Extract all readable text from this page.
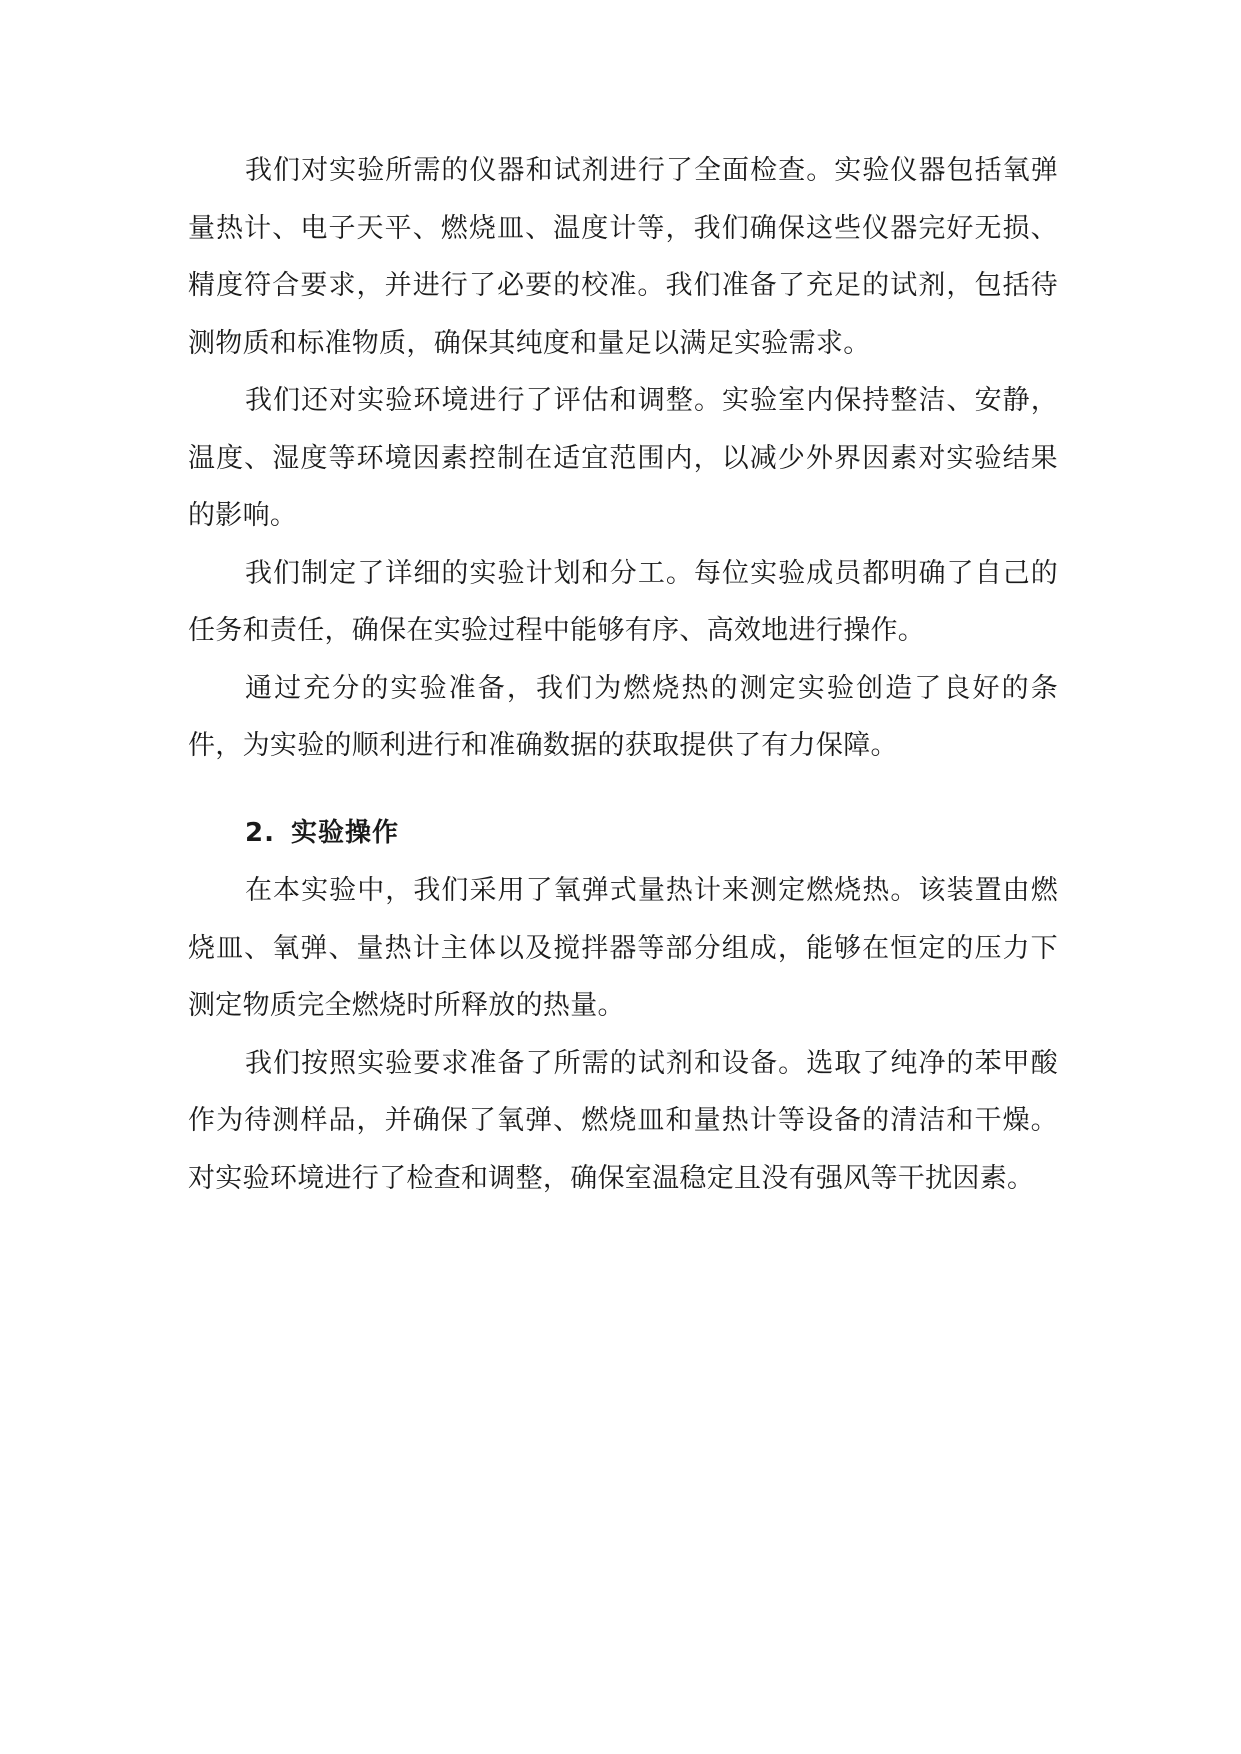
我们对实验所需的仪器和试剂进行了全面检查。实验仪器包括氧弹量热计、电子天平、燃烧皿、温度计等，我们确保这些仪器完好无损、精度符合要求，并进行了必要的校准。我们准备了充足的试剂，包括待测物质和标准物质，确保其纯度和量足以满足实验需求。

我们还对实验环境进行了评估和调整。实验室内保持整洁、安静，温度、湿度等环境因素控制在适宜范围内，以减少外界因素对实验结果的影响。

我们制定了详细的实验计划和分工。每位实验成员都明确了自己的任务和责任，确保在实验过程中能够有序、高效地进行操作。

通过充分的实验准备，我们为燃烧热的测定实验创造了良好的条件，为实验的顺利进行和准确数据的获取提供了有力保障。

2. 实验操作

在本实验中，我们采用了氧弹式量热计来测定燃烧热。该装置由燃烧皿、氧弹、量热计主体以及搅拌器等部分组成，能够在恒定的压力下测定物质完全燃烧时所释放的热量。

我们按照实验要求准备了所需的试剂和设备。选取了纯净的苯甲酸作为待测样品，并确保了氧弹、燃烧皿和量热计等设备的清洁和干燥。对实验环境进行了检查和调整，确保室温稳定且没有强风等干扰因素。
